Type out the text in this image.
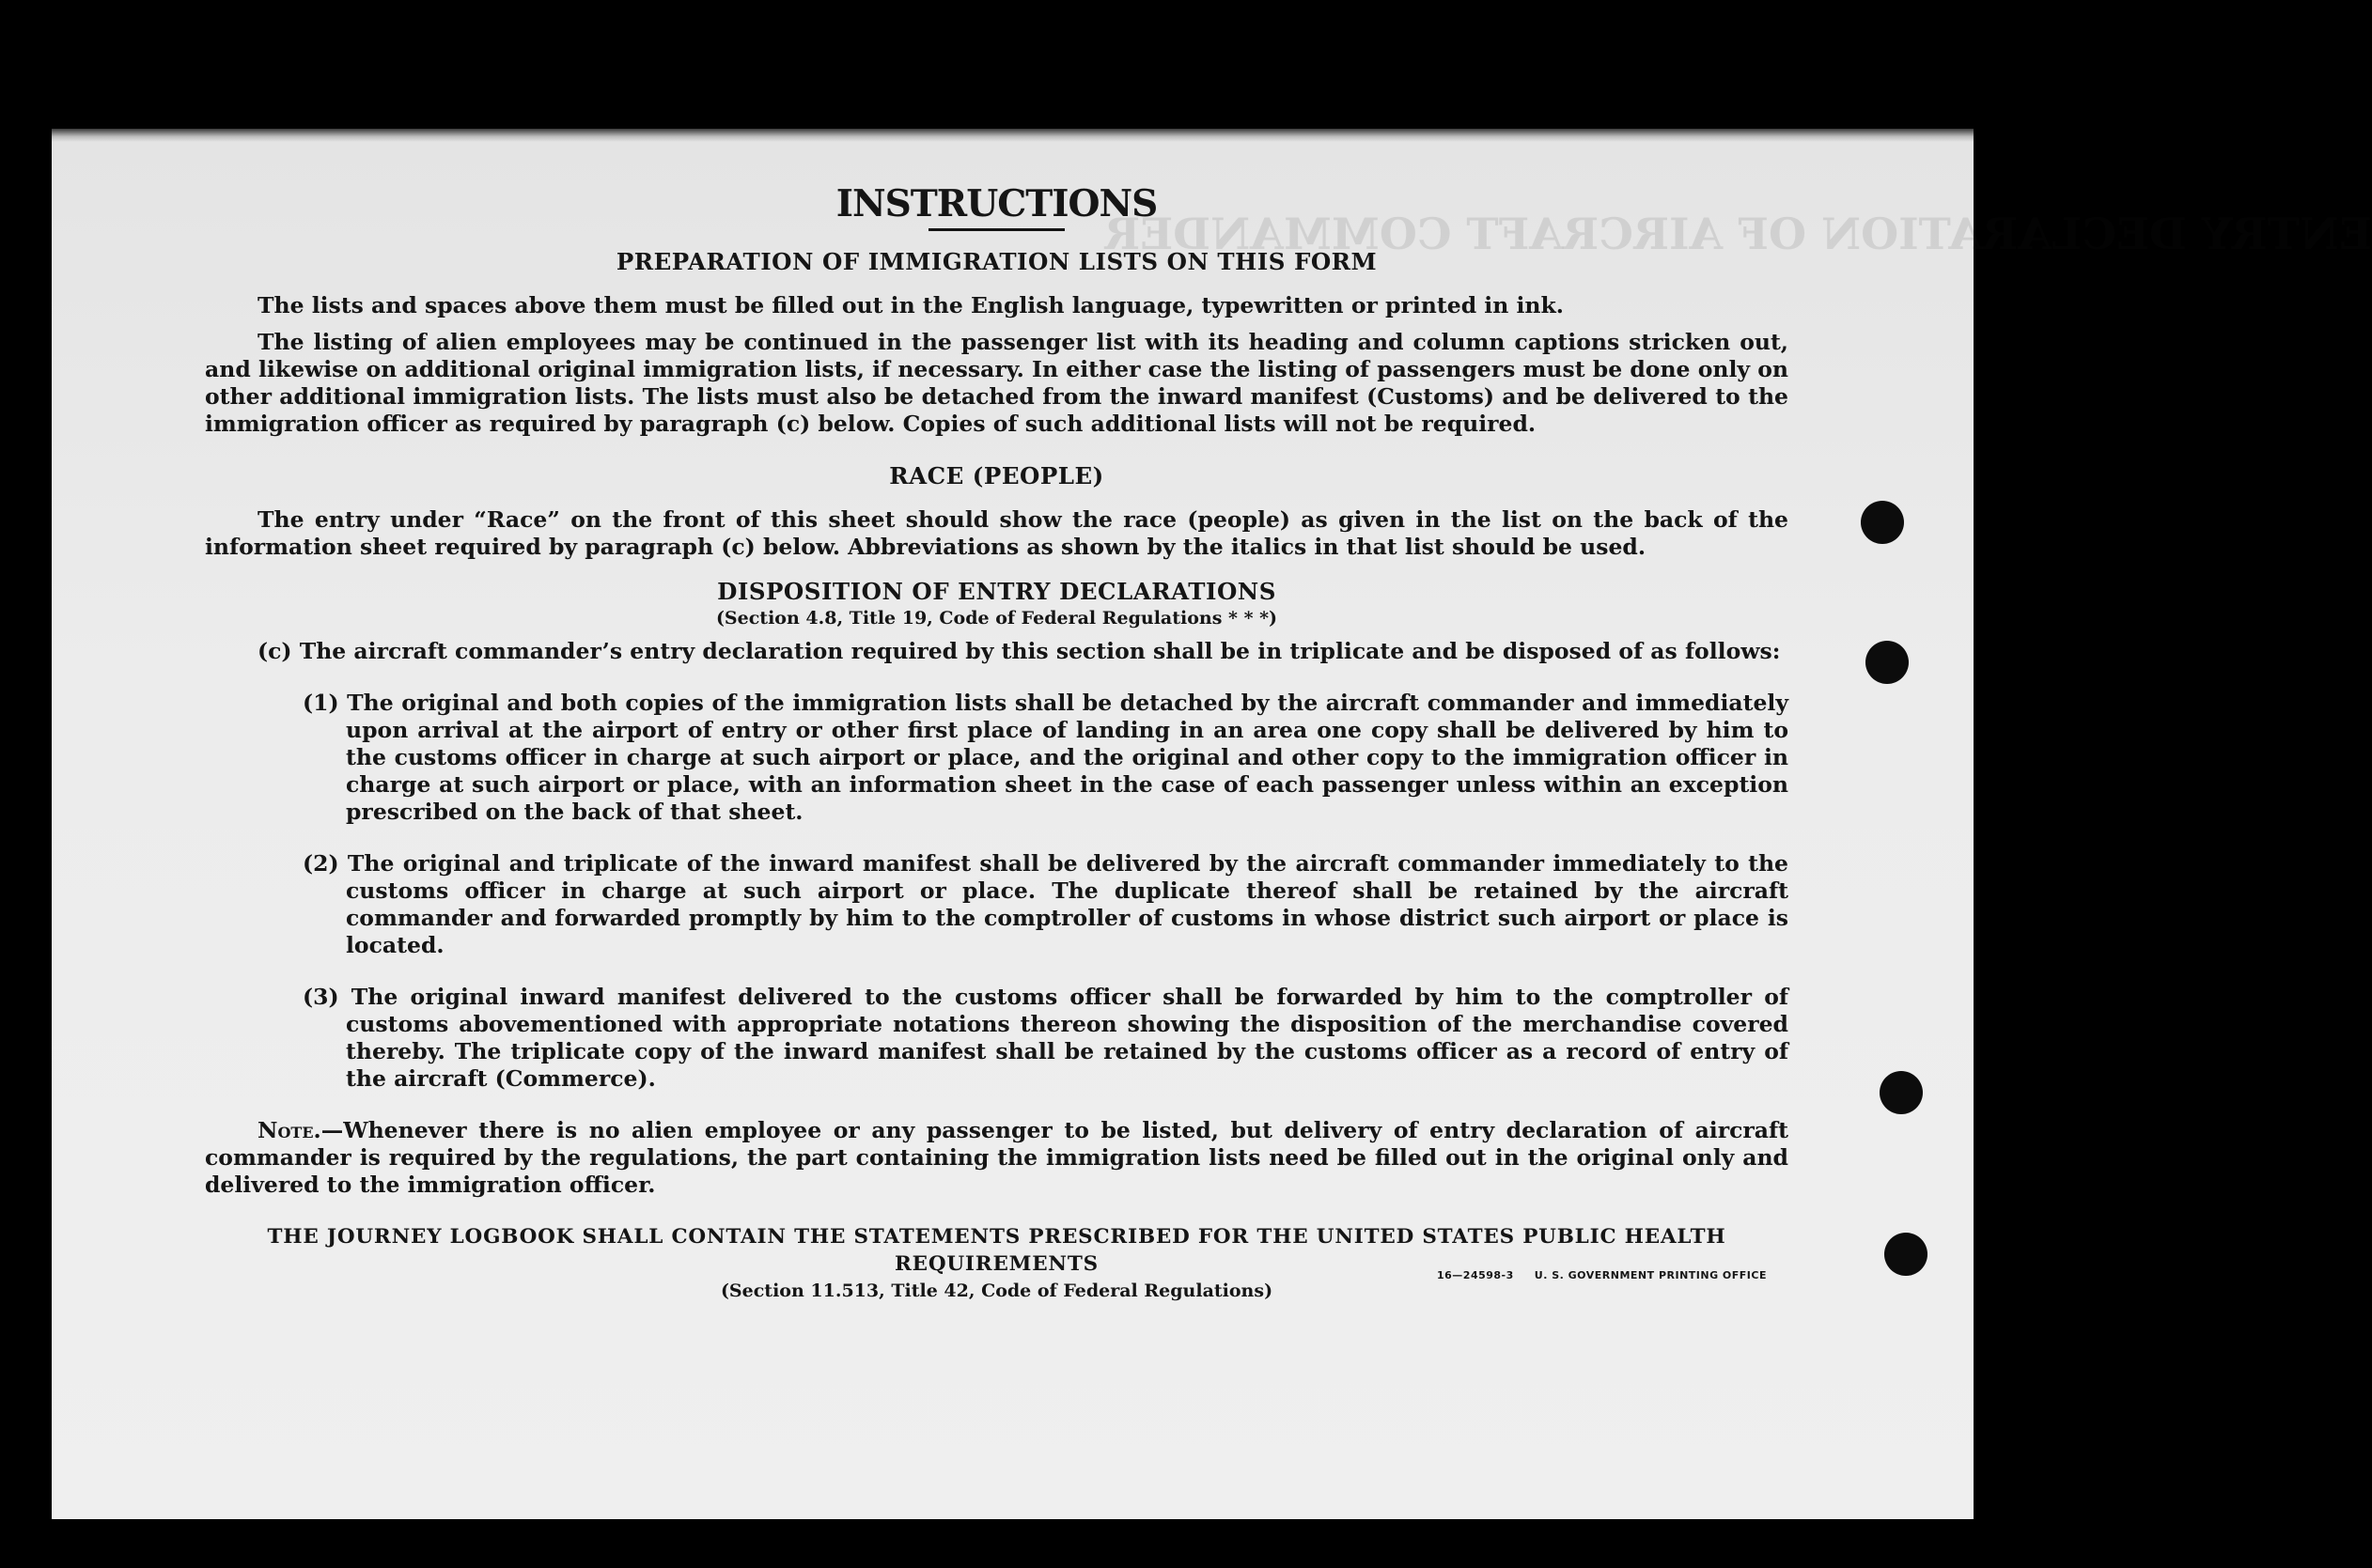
ENTRY DECLARATION OF AIRCRAFT COMMANDER
INSTRUCTIONS
PREPARATION OF IMMIGRATION LISTS ON THIS FORM

The lists and spaces above them must be filled out in the English language, typewritten or printed in ink.

The listing of alien employees may be continued in the passenger list with its heading and column captions stricken out, and likewise on additional original immigration lists, if necessary. In either case the listing of passengers must be done only on other additional immigration lists. The lists must also be detached from the inward manifest (Customs) and be delivered to the immigration officer as required by paragraph (c) below. Copies of such additional lists will not be required.

RACE (PEOPLE)

The entry under “Race” on the front of this sheet should show the race (people) as given in the list on the back of the information sheet required by paragraph (c) below. Abbreviations as shown by the italics in that list should be used.

DISPOSITION OF ENTRY DECLARATIONS
(Section 4.8, Title 19, Code of Federal Regulations * * *)

(c) The aircraft commander’s entry declaration required by this section shall be in triplicate and be disposed of as follows:

(1) The original and both copies of the immigration lists shall be detached by the aircraft commander and immediately upon arrival at the airport of entry or other first place of landing in an area one copy shall be delivered by him to the customs officer in charge at such airport or place, and the original and other copy to the immigration officer in charge at such airport or place, with an information sheet in the case of each passenger unless within an exception prescribed on the back of that sheet.

(2) The original and triplicate of the inward manifest shall be delivered by the aircraft commander immediately to the customs officer in charge at such airport or place. The duplicate thereof shall be retained by the aircraft commander and forwarded promptly by him to the comptroller of customs in whose district such airport or place is located.

(3) The original inward manifest delivered to the customs officer shall be forwarded by him to the comptroller of customs abovementioned with appropriate notations thereon showing the disposition of the merchandise covered thereby. The triplicate copy of the inward manifest shall be retained by the customs officer as a record of entry of the aircraft (Commerce).

Note.—Whenever there is no alien employee or any passenger to be listed, but delivery of entry declaration of aircraft commander is required by the regulations, the part containing the immigration lists need be filled out in the original only and delivered to the immigration officer.

THE JOURNEY LOGBOOK SHALL CONTAIN THE STATEMENTS PRESCRIBED FOR THE UNITED STATES PUBLIC HEALTH REQUIREMENTS
(Section 11.513, Title 42, Code of Federal Regulations)
16—24598-3 U. S. GOVERNMENT PRINTING OFFICE
